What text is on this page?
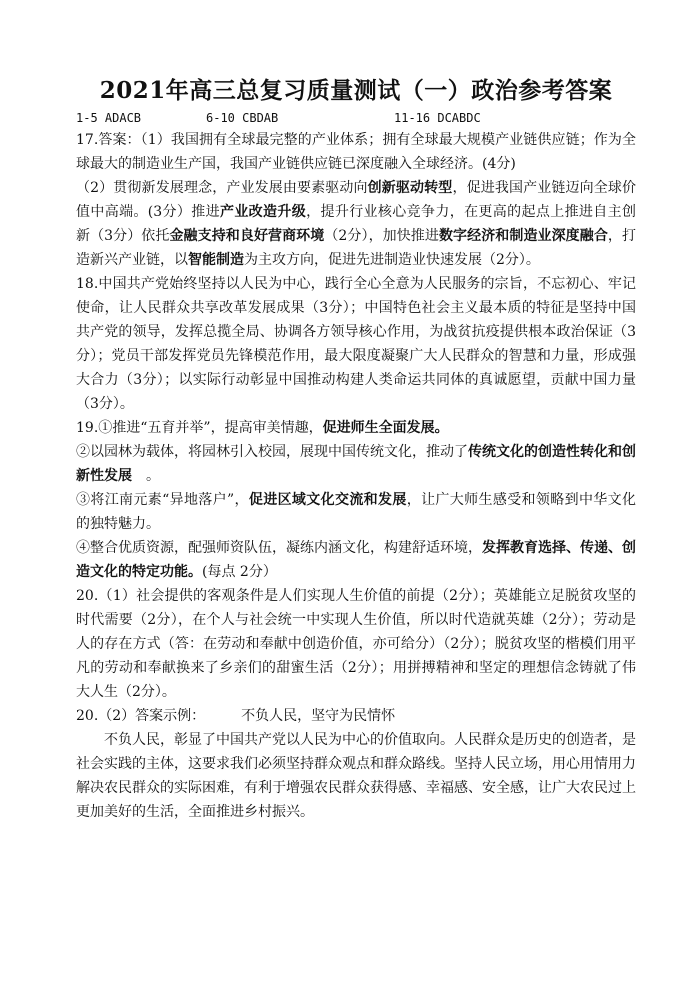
2021年高三总复习质量测试（一）政治参考答案
1-5 ADACB	6-10 CBDAB	11-16 DCABDC

17.答案：（1）我国拥有全球最完整的产业体系；拥有全球最大规模产业链供应链；作为全球最大的制造业生产国，我国产业链供应链已深度融入全球经济。(4分)

（2）贯彻新发展理念，产业发展由要素驱动向创新驱动转型，促进我国产业链迈向全球价值中高端。(3分）推进产业改造升级，提升行业核心竞争力，在更高的起点上推进自主创新（3分）依托金融支持和良好营商环境（2分），加快推进数字经济和制造业深度融合，打造新兴产业链，以智能制造为主攻方向，促进先进制造业快速发展（2分）。

18.中国共产党始终坚持以人民为中心，践行全心全意为人民服务的宗旨，不忘初心、牢记使命，让人民群众共享改革发展成果（3分）；中国特色社会主义最本质的特征是坚持中国共产党的领导，发挥总揽全局、协调各方领导核心作用，为战贫抗疫提供根本政治保证（3分）；党员干部发挥党员先锋模范作用，最大限度凝聚广大人民群众的智慧和力量，形成强大合力（3分）；以实际行动彰显中国推动构建人类命运共同体的真诚愿望，贡献中国力量（3分）。

19.①推进“五育并举”，提高审美情趣，促进师生全面发展。

②以园林为载体，将园林引入校园，展现中国传统文化，推动了传统文化的创造性转化和创新性发展 。

③将江南元素“异地落户”，促进区域文化交流和发展，让广大师生感受和领略到中华文化的独特魅力。

④整合优质资源，配强师资队伍，凝练内涵文化，构建舒适环境，发挥教育选择、传递、创造文化的特定功能。(每点 2分）

20.（1）社会提供的客观条件是人们实现人生价值的前提（2分）；英雄能立足脱贫攻坚的时代需要（2分），在个人与社会统一中实现人生价值，所以时代造就英雄（2分）；劳动是人的存在方式（答：在劳动和奉献中创造价值，亦可给分）（2分）；脱贫攻坚的楷模们用平凡的劳动和奉献换来了乡亲们的甜蜜生活（2分）；用拼搏精神和坚定的理想信念铸就了伟大人生（2分）。

20.（2）答案示例：	不负人民，坚守为民情怀

不负人民，彰显了中国共产党以人民为中心的价值取向。人民群众是历史的创造者，是社会实践的主体，这要求我们必须坚持群众观点和群众路线。坚持人民立场，用心用情用力解决农民群众的实际困难，有利于增强农民群众获得感、幸福感、安全感，让广大农民过上更加美好的生活，全面推进乡村振兴。
